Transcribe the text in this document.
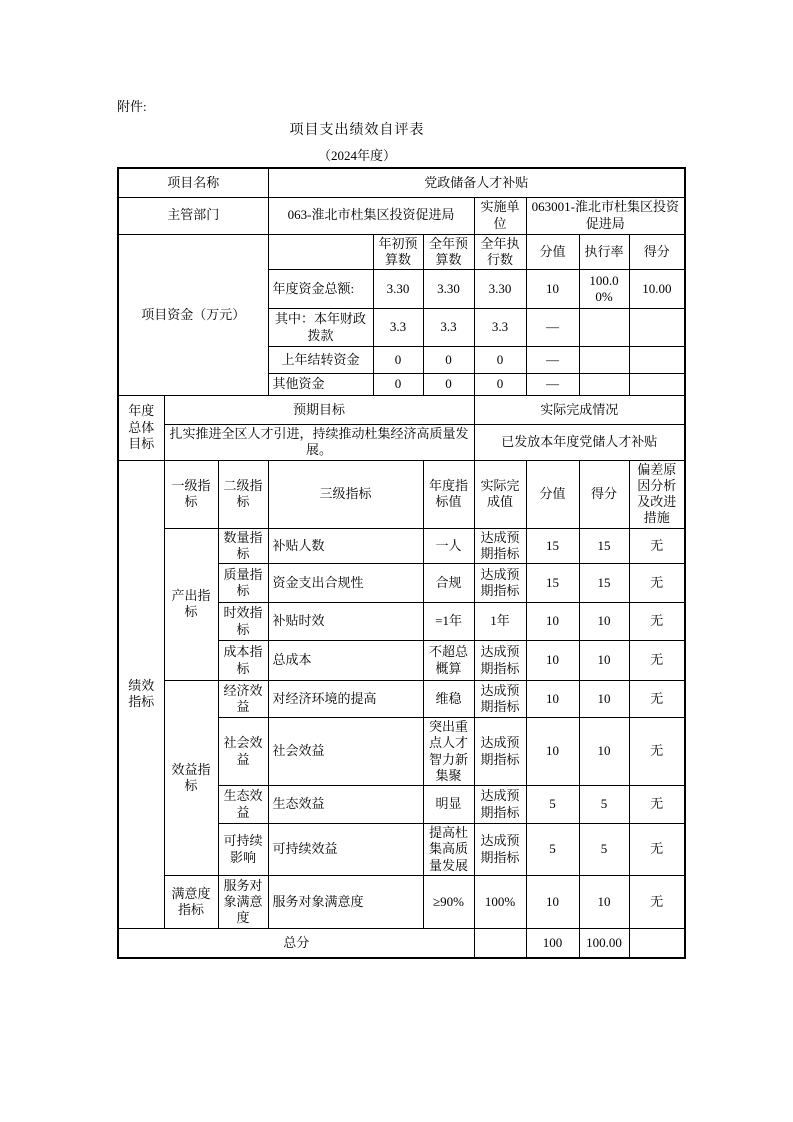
附件:
项目支出绩效自评表
（2024年度）
项目名称			党政储备人才补贴						
主管部门			063-淮北市杜集区投资促进局			实施单位	063001-淮北市杜集区投资促进局		
项目资金（万元）				年初预算数	全年预算数	全年执行数	分值	执行率	得分
			年度资金总额:	3.30	3.30	3.30	10	100.00%	10.00
			其中：本年财政拨款	3.3	3.3	3.3	—		
			上年结转资金	0	0	0	—		
			其他资金	0	0	0	—		
年度总体目标	预期目标					实际完成情况			
	扎实推进全区人才引进，持续推动杜集经济高质量发展。					已发放本年度党储人才补贴			
绩效指标	一级指标	二级指标	三级指标		年度指标值	实际完成值	分值	得分	偏差原因分析及改进措施
	产出指标	数量指标	补贴人数		一人	达成预期指标	15	15	无
		质量指标	资金支出合规性		合规	达成预期指标	15	15	无
		时效指标	补贴时效		=1年	1年	10	10	无
		成本指标	总成本		不超总概算	达成预期指标	10	10	无
	效益指标	经济效益	对经济环境的提高		维稳	达成预期指标	10	10	无
		社会效益	社会效益		突出重点人才智力新集聚	达成预期指标	10	10	无
		生态效益	生态效益		明显	达成预期指标	5	5	无
		可持续影响	可持续效益		提高杜集高质量发展	达成预期指标	5	5	无
	满意度指标	服务对象满意度	服务对象满意度		≥90%	100%	10	10	无
总分							100	100.00	
